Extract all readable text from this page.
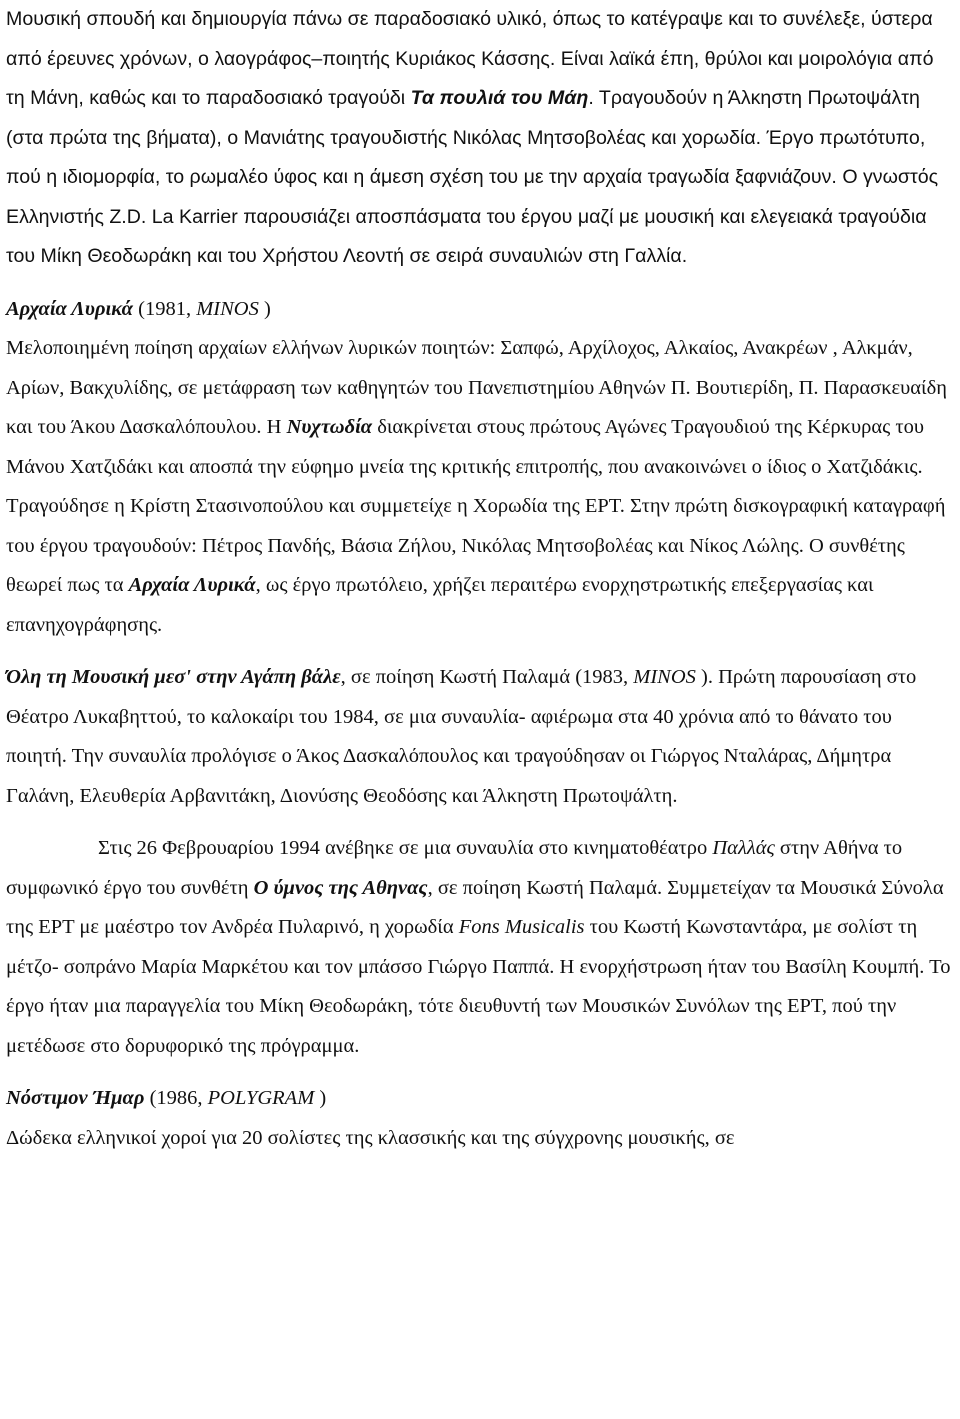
Μουσική σπουδή και δημιουργία πάνω σε παραδοσιακό υλικό, όπως το κατέγραψε και το συνέλεξε, ύστερα από έρευνες χρόνων, ο λαογράφος–ποιητής Κυριάκος Κάσσης. Είναι λαϊκά έπη, θρύλοι και μοιρολόγια από τη Μάνη, καθώς και το παραδοσιακό τραγούδι Τα πουλιά του Μάη. Τραγουδούν η Άλκηστη Πρωτοψάλτη (στα πρώτα της βήματα), ο Μανιάτης τραγουδιστής Νικόλας Μητσοβολέας και χορωδία. Έργο πρωτότυπο, πού η ιδιομορφία, το ρωμαλέο ύφος και η άμεση σχέση του με την αρχαία τραγωδία ξαφνιάζουν. Ο γνωστός Ελληνιστής Z.D. La Karrier παρουσιάζει αποσπάσματα του έργου μαζί με μουσική και ελεγειακά τραγούδια του Μίκη Θεοδωράκη και του Χρήστου Λεοντή σε σειρά συναυλιών στη Γαλλία.

Αρχαία Λυρικά (1981, MINOS )
Μελοποιημένη ποίηση αρχαίων ελλήνων λυρικών ποιητών: Σαπφώ, Αρχίλοχος, Αλκαίος, Ανακρέων , Αλκμάν, Αρίων, Βακχυλίδης, σε μετάφραση των καθηγητών του Πανεπιστημίου Αθηνών Π. Βουτιερίδη, Π. Παρασκευαίδη και του Άκου Δασκαλόπουλου. Η Νυχτωδία διακρίνεται στους πρώτους Αγώνες Τραγουδιού της Κέρκυρας του Μάνου Χατζιδάκι και αποσπά την εύφημο μνεία της κριτικής επιτροπής, που ανακοινώνει ο ίδιος ο Χατζιδάκις. Τραγούδησε η Κρίστη Στασινοπούλου και συμμετείχε η Χορωδία της ΕΡΤ. Στην πρώτη δισκογραφική καταγραφή του έργου τραγουδούν: Πέτρος Πανδής, Βάσια Ζήλου, Νικόλας Μητσοβολέας και Νίκος Λώλης. Ο συνθέτης θεωρεί πως τα Αρχαία Λυρικά, ως έργο πρωτόλειο, χρήζει περαιτέρω ενορχηστρωτικής επεξεργασίας και επανηχογράφησης.

Όλη τη Μουσική μεσ' στην Αγάπη βάλε, σε ποίηση Κωστή Παλαμά (1983, MINOS ). Πρώτη παρουσίαση στο Θέατρο Λυκαβηττού, το καλοκαίρι του 1984, σε μια συναυλία- αφιέρωμα στα 40 χρόνια από το θάνατο του ποιητή. Την συναυλία προλόγισε ο Άκος Δασκαλόπουλος και τραγούδησαν οι Γιώργος Νταλάρας, Δήμητρα Γαλάνη, Ελευθερία Αρβανιτάκη, Διονύσης Θεοδόσης και Άλκηστη Πρωτοψάλτη.

Στις 26 Φεβρουαρίου 1994 ανέβηκε σε μια συναυλία στο κινηματοθέατρο Παλλάς στην Αθήνα το συμφωνικό έργο του συνθέτη Ο ύμνος της Αθηνας, σε ποίηση Κωστή Παλαμά. Συμμετείχαν τα Μουσικά Σύνολα της ΕΡΤ με μαέστρο τον Ανδρέα Πυλαρινό, η χορωδία Fons Musicalis του Κωστή Κωνσταντάρα, με σολίστ τη μέτζο- σοπράνο Μαρία Μαρκέτου και τον μπάσσο Γιώργο Παππά. Η ενορχήστρωση ήταν του Βασίλη Κουμπή. Το έργο ήταν μια παραγγελία του Μίκη Θεοδωράκη, τότε διευθυντή των Μουσικών Συνόλων της ΕΡΤ, πού την μετέδωσε στο δορυφορικό της πρόγραμμα.

Νόστιμον Ήμαρ (1986, POLYGRAM )
Δώδεκα ελληνικοί χοροί για 20 σολίστες της κλασσικής και της σύγχρονης μουσικής, σε
